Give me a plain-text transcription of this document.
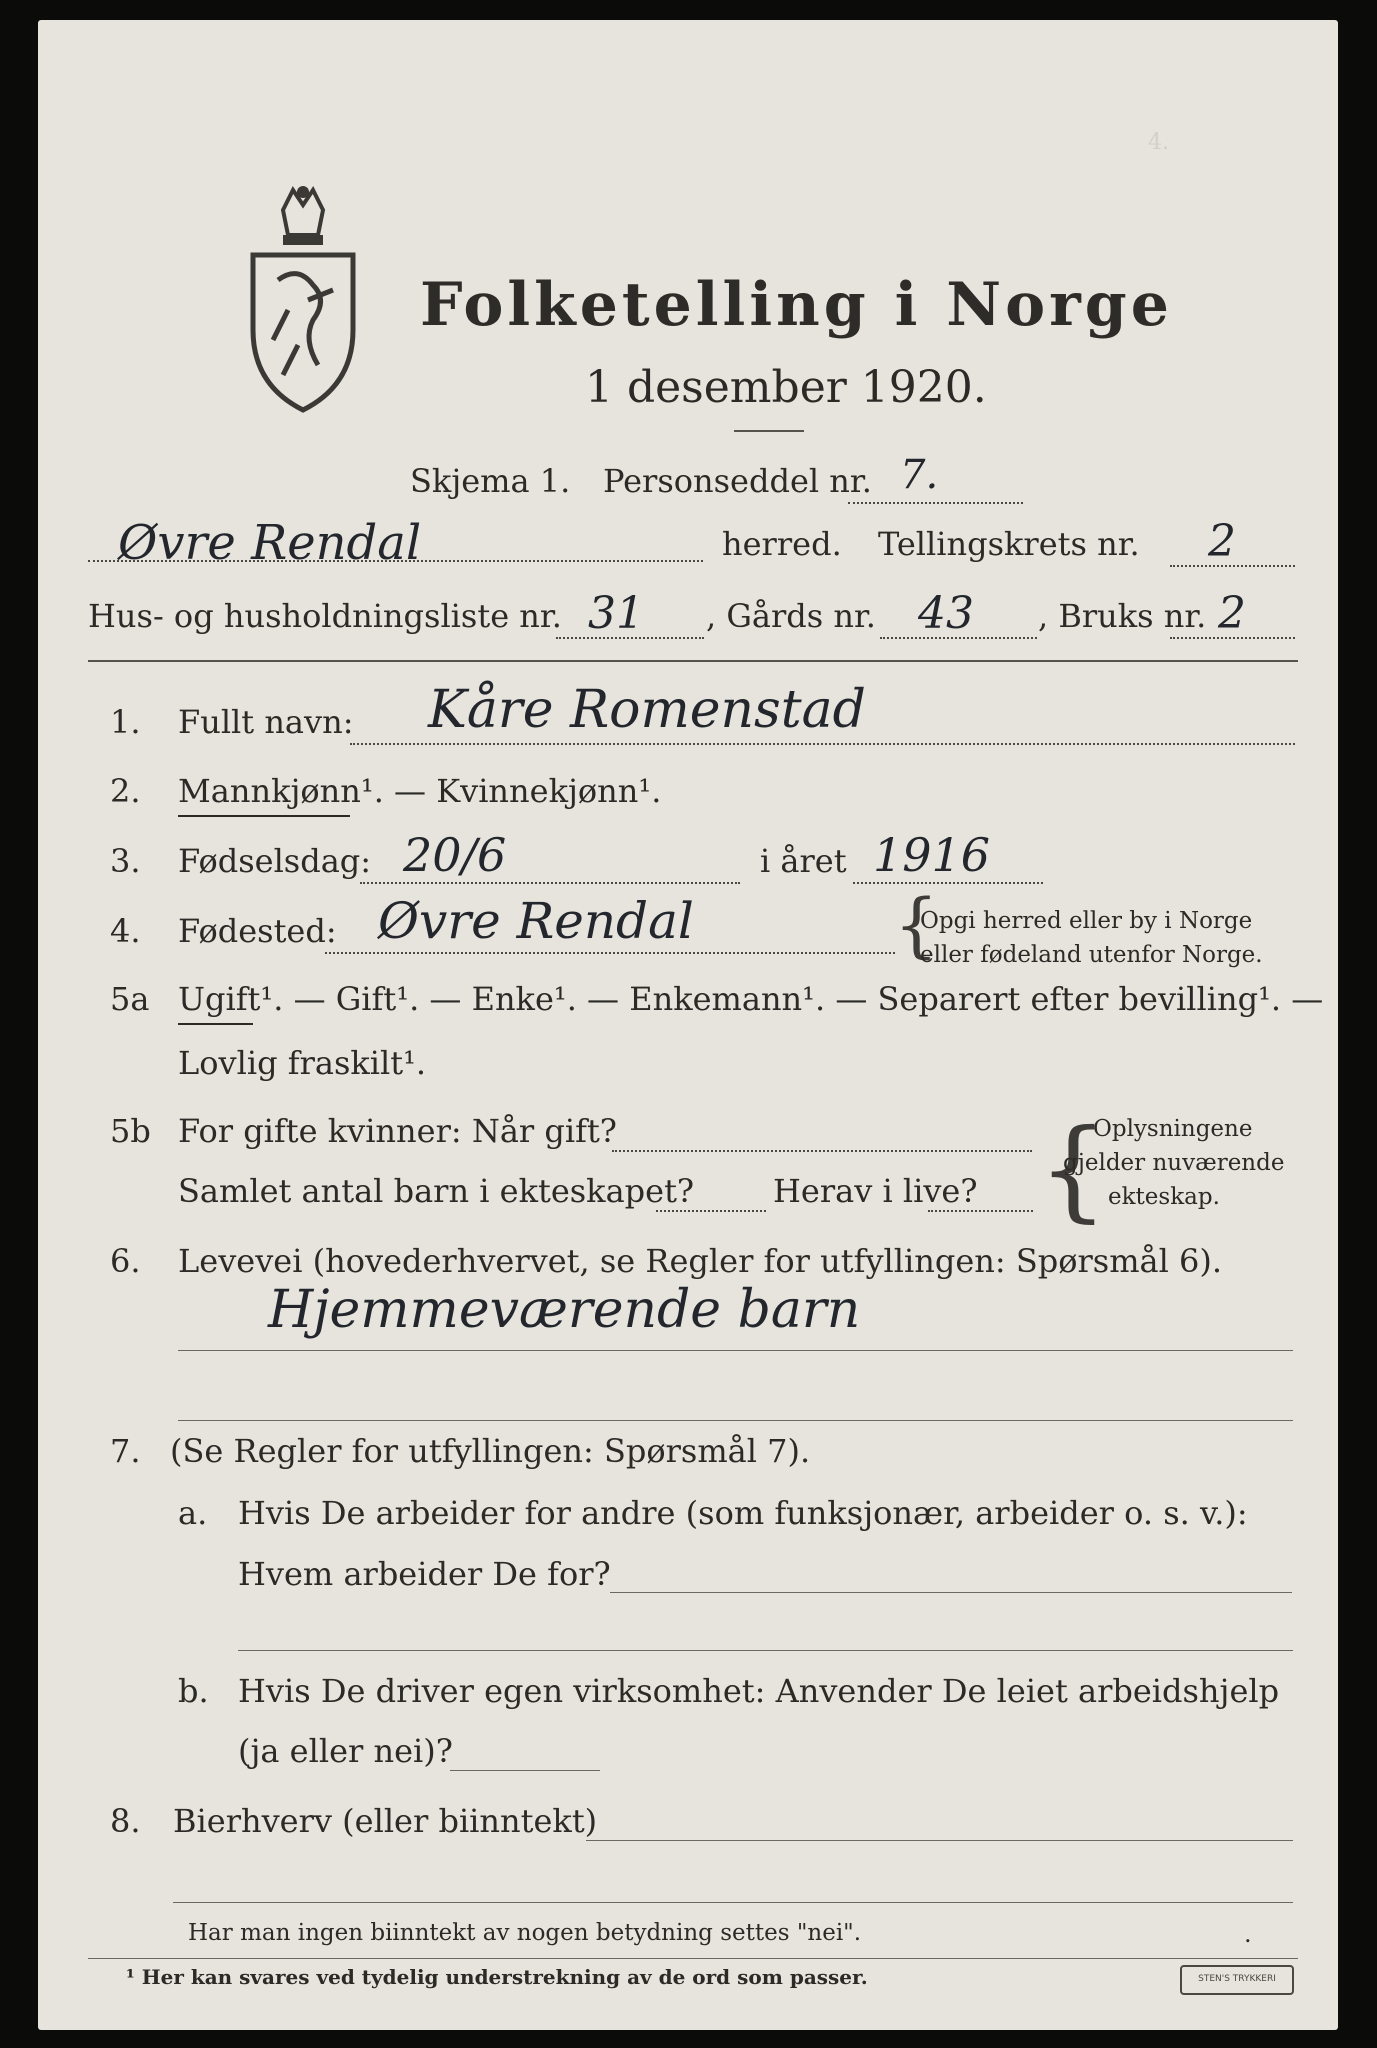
4.
Folketelling i Norge
1 desember 1920.
Skjema 1. Personseddel nr. 7.
Øvre Rendal	herred. Tellingskrets nr. 2
Hus- og husholdningsliste nr. 31 , Gårds nr. 43 , Bruks nr. 2
1. Fullt navn: Kåre Romenstad
2. Mannkjønn¹. — Kvinnekjønn¹.
3. Fødselsdag: 20/6	i året 1916
4. Fødested: Øvre Rendal	{
Opgi herred eller by i Norge
eller fødeland utenfor Norge.
5a Ugift¹. — Gift¹. — Enke¹. — Enkemann¹. — Separert efter bevilling¹. —
Lovlig fraskilt¹.
5b For gifte kvinner: Når gift?
Samlet antal barn i ekteskapet? Herav i live? {
Oplysningene
gjelder nuværende
ekteskap.
6. Levevei (hovederhvervet, se Regler for utfyllingen: Spørsmål 6).
Hjemmeværende barn
7. (Se Regler for utfyllingen: Spørsmål 7).
a. Hvis De arbeider for andre (som funksjonær, arbeider o. s. v.):
Hvem arbeider De for?
b. Hvis De driver egen virksomhet: Anvender De leiet arbeidshjelp
(ja eller nei)?
8. Bierhverv (eller biinntekt)
Har man ingen biinntekt av nogen betydning settes "nei".	.
¹ Her kan svares ved tydelig understrekning av de ord som passer.	STEN'S TRYKKERI
